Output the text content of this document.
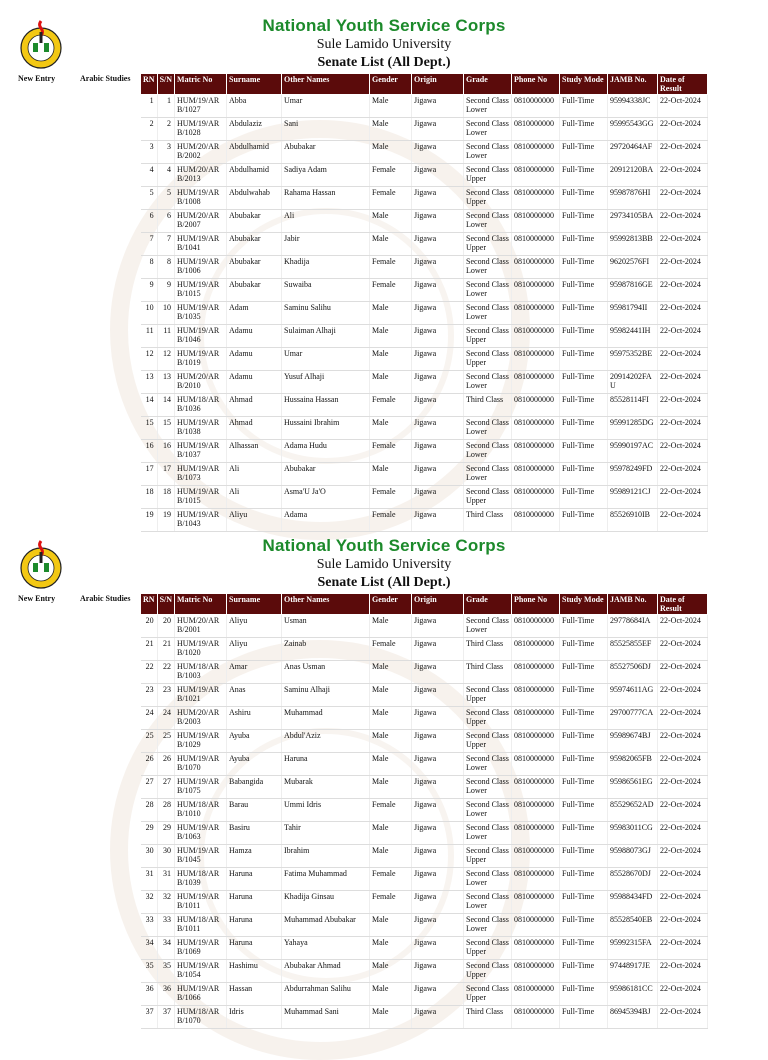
National Youth Service Corps
Sule Lamido University
Senate List (All Dept.)
New Entry	Arabic Studies RN	S/N	Matric No	Surname	Other Names	Gender	Origin	Grade	Phone No	Study Mode	JAMB No.	Date of Result
1	1	HUM/19/AR B/1027	Abba	Umar	Male	Jigawa	Second Class Lower	0810000000	Full-Time	95994338JC	22-Oct-2024
2	2	HUM/19/AR B/1028	Abdulaziz	Sani	Male	Jigawa	Second Class Lower	0810000000	Full-Time	95995543GG	22-Oct-2024
3	3	HUM/20/AR B/2002	Abdulhamid	Abubakar	Male	Jigawa	Second Class Lower	0810000000	Full-Time	29720464AF	22-Oct-2024
4	4	HUM/20/AR B/2013	Abdulhamid	Sadiya Adam	Female	Jigawa	Second Class Upper	0810000000	Full-Time	20912120BA	22-Oct-2024
5	5	HUM/19/AR B/1008	Abdulwahab	Rahama Hassan	Female	Jigawa	Second Class Upper	0810000000	Full-Time	95987876HI	22-Oct-2024
6	6	HUM/20/AR B/2007	Abubakar	Ali	Male	Jigawa	Second Class Lower	0810000000	Full-Time	29734105BA	22-Oct-2024
7	7	HUM/19/AR B/1041	Abubakar	Jabir	Male	Jigawa	Second Class Upper	0810000000	Full-Time	95992813BB	22-Oct-2024
8	8	HUM/19/AR B/1006	Abubakar	Khadija	Female	Jigawa	Second Class Lower	0810000000	Full-Time	96202576FI	22-Oct-2024
9	9	HUM/19/AR B/1015	Abubakar	Suwaiba	Female	Jigawa	Second Class Lower	0810000000	Full-Time	95987816GE	22-Oct-2024
10	10	HUM/19/AR B/1035	Adam	Saminu Salihu	Male	Jigawa	Second Class Lower	0810000000	Full-Time	95981794II	22-Oct-2024
11	11	HUM/19/AR B/1046	Adamu	Sulaiman Alhaji	Male	Jigawa	Second Class Upper	0810000000	Full-Time	95982441IH	22-Oct-2024
12	12	HUM/19/AR B/1019	Adamu	Umar	Male	Jigawa	Second Class Upper	0810000000	Full-Time	95975352BE	22-Oct-2024
13	13	HUM/20/AR B/2010	Adamu	Yusuf Alhaji	Male	Jigawa	Second Class Lower	0810000000	Full-Time	20914202FA U	22-Oct-2024
14	14	HUM/18/AR B/1036	Ahmad	Hussaina Hassan	Female	Jigawa	Third Class	0810000000	Full-Time	85528114FI	22-Oct-2024
15	15	HUM/19/AR B/1038	Ahmad	Hussaini Ibrahim	Male	Jigawa	Second Class Lower	0810000000	Full-Time	95991285DG	22-Oct-2024
16	16	HUM/19/AR B/1037	Alhassan	Adama Hudu	Female	Jigawa	Second Class Lower	0810000000	Full-Time	95990197AC	22-Oct-2024
17	17	HUM/19/AR B/1073	Ali	Abubakar	Male	Jigawa	Second Class Lower	0810000000	Full-Time	95978249FD	22-Oct-2024
18	18	HUM/19/AR B/1015	Ali	Asma'U Ja'O	Female	Jigawa	Second Class Upper	0810000000	Full-Time	95989121CJ	22-Oct-2024
19	19	HUM/19/AR B/1043	Aliyu	Adama	Female	Jigawa	Third Class	0810000000	Full-Time	85526910IB	22-Oct-2024
National Youth Service Corps
Sule Lamido University
Senate List (All Dept.)
New Entry	Arabic Studies RN	S/N	Matric No	Surname	Other Names	Gender	Origin	Grade	Phone No	Study Mode	JAMB No.	Date of Result
20	20	HUM/20/AR B/2001	Aliyu	Usman	Male	Jigawa	Second Class Lower	0810000000	Full-Time	29778684IA	22-Oct-2024
21	21	HUM/19/AR B/1020	Aliyu	Zainab	Female	Jigawa	Third Class	0810000000	Full-Time	85525855EF	22-Oct-2024
22	22	HUM/18/AR B/1003	Amar	Anas Usman	Male	Jigawa	Third Class	0810000000	Full-Time	85527506DJ	22-Oct-2024
23	23	HUM/19/AR B/1021	Anas	Saminu Alhaji	Male	Jigawa	Second Class Upper	0810000000	Full-Time	95974611AG	22-Oct-2024
24	24	HUM/20/AR B/2003	Ashiru	Muhammad	Male	Jigawa	Second Class Upper	0810000000	Full-Time	29700777CA	22-Oct-2024
25	25	HUM/19/AR B/1029	Ayuba	Abdul'Aziz	Male	Jigawa	Second Class Upper	0810000000	Full-Time	95989674BJ	22-Oct-2024
26	26	HUM/19/AR B/1070	Ayuba	Haruna	Male	Jigawa	Second Class Lower	0810000000	Full-Time	95982065FB	22-Oct-2024
27	27	HUM/19/AR B/1075	Babangida	Mubarak	Male	Jigawa	Second Class Lower	0810000000	Full-Time	95986561EG	22-Oct-2024
28	28	HUM/18/AR B/1010	Barau	Ummi Idris	Female	Jigawa	Second Class Lower	0810000000	Full-Time	85529652AD	22-Oct-2024
29	29	HUM/19/AR B/1063	Basiru	Tahir	Male	Jigawa	Second Class Lower	0810000000	Full-Time	95983011CG	22-Oct-2024
30	30	HUM/19/AR B/1045	Hamza	Ibrahim	Male	Jigawa	Second Class Upper	0810000000	Full-Time	95988073GJ	22-Oct-2024
31	31	HUM/18/AR B/1039	Haruna	Fatima Muhammad	Female	Jigawa	Second Class Lower	0810000000	Full-Time	85528670DJ	22-Oct-2024
32	32	HUM/19/AR B/1011	Haruna	Khadija Ginsau	Female	Jigawa	Second Class Lower	0810000000	Full-Time	95988434FD	22-Oct-2024
33	33	HUM/18/AR B/1011	Haruna	Muhammad Abubakar	Male	Jigawa	Second Class Lower	0810000000	Full-Time	85528540EB	22-Oct-2024
34	34	HUM/19/AR B/1069	Haruna	Yahaya	Male	Jigawa	Second Class Upper	0810000000	Full-Time	95992315FA	22-Oct-2024
35	35	HUM/19/AR B/1054	Hashimu	Abubakar Ahmad	Male	Jigawa	Second Class Upper	0810000000	Full-Time	97448917JE	22-Oct-2024
36	36	HUM/19/AR B/1066	Hassan	Abdurrahman Salihu	Male	Jigawa	Second Class Upper	0810000000	Full-Time	95986181CC	22-Oct-2024
37	37	HUM/18/AR B/1070	Idris	Muhammad Sani	Male	Jigawa	Third Class	0810000000	Full-Time	86945394BJ	22-Oct-2024
